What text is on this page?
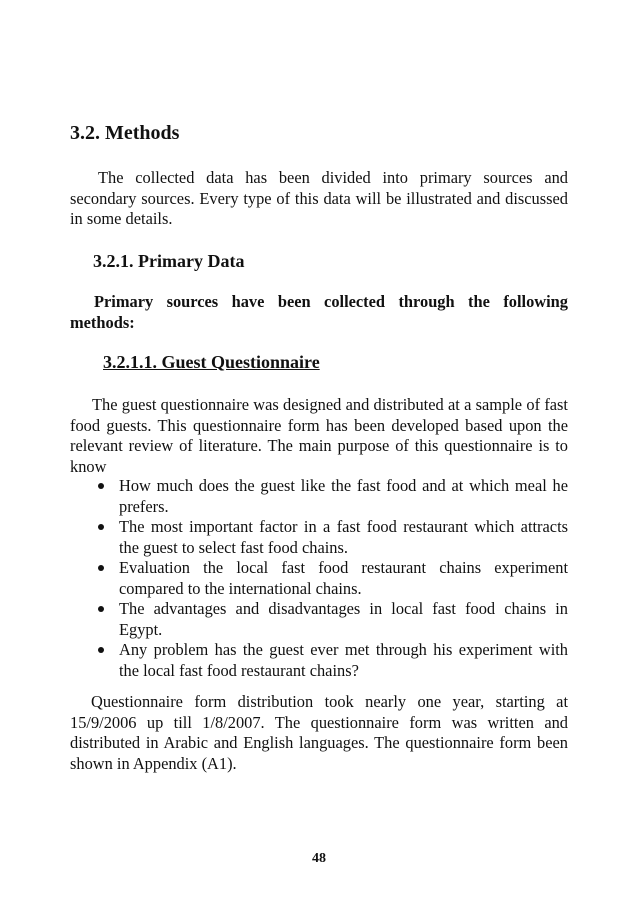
3.2. Methods

The collected data has been divided into primary sources and secondary sources. Every type of this data will be illustrated and discussed in some details.

3.2.1. Primary Data

Primary sources have been collected through the following methods:

3.2.1.1. Guest Questionnaire

The guest questionnaire was designed and distributed at a sample of fast food guests. This questionnaire form has been developed based upon the relevant review of literature. The main purpose of this questionnaire is to know

How much does the guest like the fast food and at which meal he prefers.
The most important factor in a fast food restaurant which attracts the guest to select fast food chains.
Evaluation the local fast food restaurant chains experiment compared to the international chains.
The advantages and disadvantages in local fast food chains in Egypt.
Any problem has the guest ever met through his experiment with the local fast food restaurant chains?

Questionnaire form distribution took nearly one year, starting at 15/9/2006 up till 1/8/2007. The questionnaire form was written and distributed in Arabic and English languages. The questionnaire form been shown in Appendix (A1).

48
